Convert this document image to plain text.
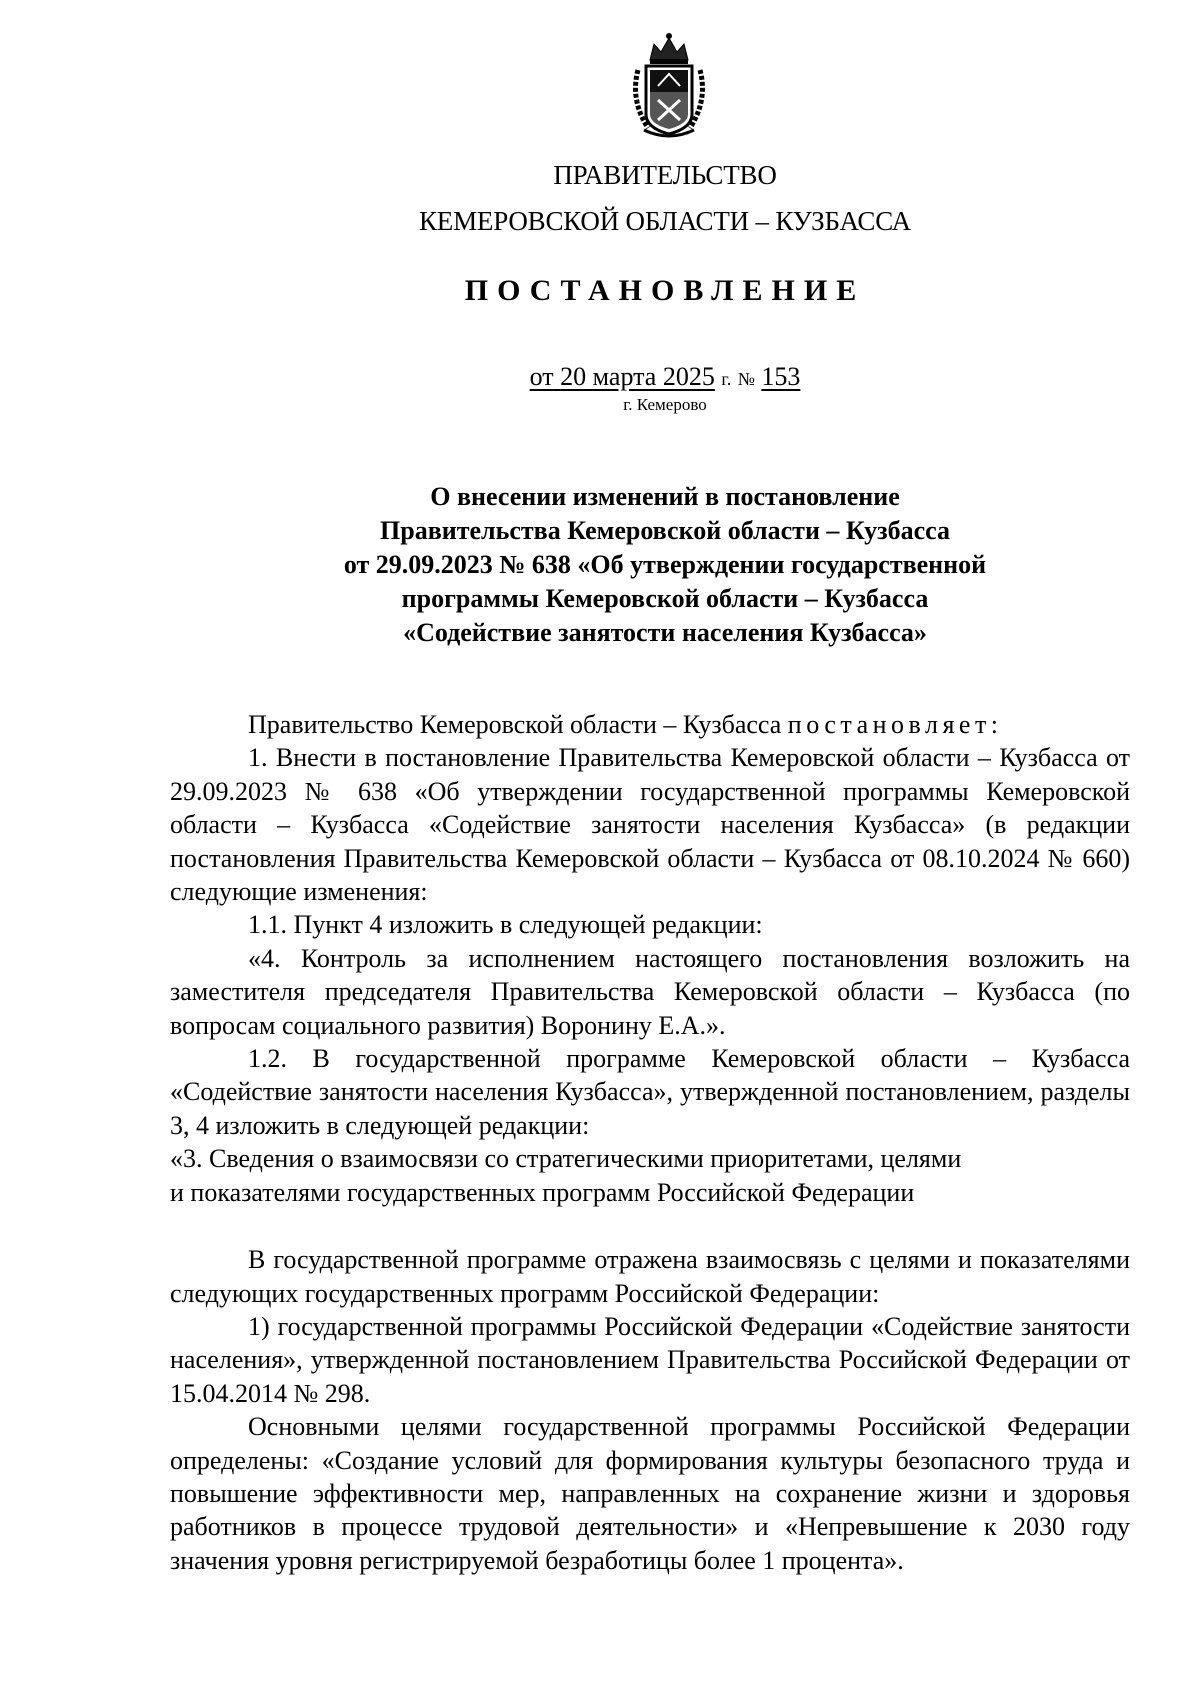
ПРАВИТЕЛЬСТВО
КЕМЕРОВСКОЙ ОБЛАСТИ – КУЗБАССА
ПОСТАНОВЛЕНИЕ
от 20 марта 2025 г. № 153
г. Кемерово
О внесении изменений в постановление
Правительства Кемеровской области – Кузбасса
от 29.09.2023 № 638 «Об утверждении государственной
программы Кемеровской области – Кузбасса
«Содействие занятости населения Кузбасса»

Правительство Кемеровской области – Кузбасса постановляет:

1. Внести в постановление Правительства Кемеровской области – Кузбасса от 29.09.2023 № 638 «Об утверждении государственной программы Кемеровской области – Кузбасса «Содействие занятости населения Кузбасса» (в редакции постановления Правительства Кемеровской области – Кузбасса от 08.10.2024 № 660) следующие изменения:

1.1. Пункт 4 изложить в следующей редакции:

«4. Контроль за исполнением настоящего постановления возложить на заместителя председателя Правительства Кемеровской области – Кузбасса (по вопросам социального развития) Воронину Е.А.».

1.2. В государственной программе Кемеровской области – Кузбасса «Содействие занятости населения Кузбасса», утвержденной постановлением, разделы 3, 4 изложить в следующей редакции:

«3. Сведения о взаимосвязи со стратегическими приоритетами, целями

и показателями государственных программ Российской Федерации

В государственной программе отражена взаимосвязь с целями и показателями следующих государственных программ Российской Федерации:

1) государственной программы Российской Федерации «Содействие занятости населения», утвержденной постановлением Правительства Российской Федерации от 15.04.2014 № 298.

Основными целями государственной программы Российской Федерации определены: «Создание условий для формирования культуры безопасного труда и повышение эффективности мер, направленных на сохранение жизни и здоровья работников в процессе трудовой деятельности» и «Непревышение к 2030 году значения уровня регистрируемой безработицы более 1 процента».
